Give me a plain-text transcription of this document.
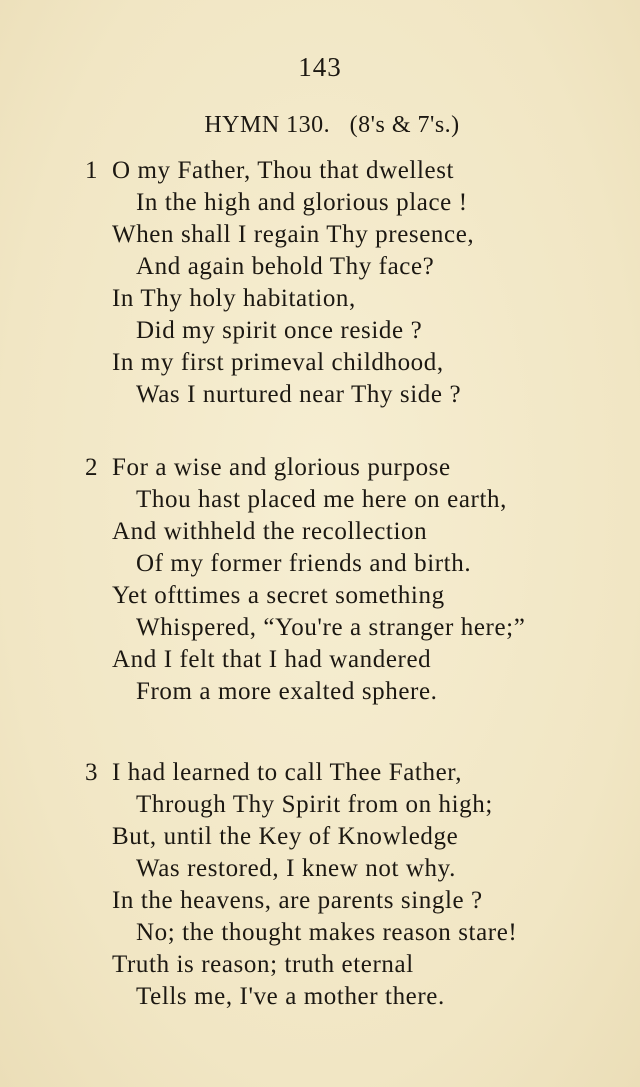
143
HYMN 130.   (8's & 7's.)
1 O my Father, Thou that dwellest
In the high and glorious place !
When shall I regain Thy presence,
And again behold Thy face?
In Thy holy habitation,
Did my spirit once reside ?
In my first primeval childhood,
Was I nurtured near Thy side ?
2 For a wise and glorious purpose
Thou hast placed me here on earth,
And withheld the recollection
Of my former friends and birth.
Yet ofttimes a secret something
Whispered, “You're a stranger here;”
And I felt that I had wandered
From a more exalted sphere.
3 I had learned to call Thee Father,
Through Thy Spirit from on high;
But, until the Key of Knowledge
Was restored, I knew not why.
In the heavens, are parents single ?
No; the thought makes reason stare!
Truth is reason; truth eternal
Tells me, I've a mother there.
